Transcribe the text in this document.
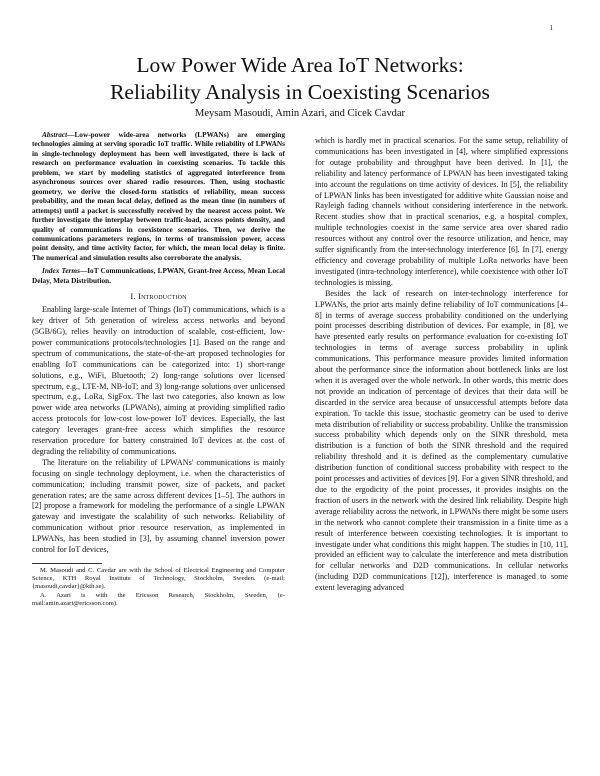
1
Low Power Wide Area IoT Networks:
Reliability Analysis in Coexisting Scenarios

Meysam Masoudi, Amin Azari, and Cicek Cavdar

Abstract—Low-power wide-area networks (LPWANs) are emerging technologies aiming at serving sporadic IoT traffic. While reliability of LPWANs in single-technology deployment has been well investigated, there is lack of research on performance evaluation in coexisting scenarios. To tackle this problem, we start by modeling statistics of aggregated interference from asynchronous sources over shared radio resources. Then, using stochastic geometry, we derive the closed-form statistics of reliability, mean success probability, and the mean local delay, defined as the mean time (in numbers of attempts) until a packet is successfully received by the nearest access point. We further investigate the interplay between traffic-load, access points density, and quality of communications in coexistence scenarios. Then, we derive the communications parameters regions, in terms of transmission power, access point density, and time activity factor, for which, the mean local delay is finite. The numerical and simulation results also corroborate the analysis.

Index Terms—IoT Communications, LPWAN, Grant-free Access, Mean Local Delay, Meta Distribution.

I. Introduction

Enabling large-scale Internet of Things (IoT) communications, which is a key driver of 5th generation of wireless access networks and beyond (5GB/6G), relies heavily on introduction of scalable, cost-efficient, low-power communications protocols/technologies [1]. Based on the range and spectrum of communications, the state-of-the-art proposed technologies for enabling IoT communications can be categorized into: 1) short-range solutions, e.g., WiFi, Bluetooth; 2) long-range solutions over licensed spectrum, e.g., LTE-M, NB-IoT; and 3) long-range solutions over unlicensed spectrum, e.g., LoRa, SigFox. The last two categories, also known as low power wide area networks (LPWANs), aiming at providing simplified radio access protocols for low-cost low-power IoT devices. Especially, the last category leverages grant-free access which simplifies the resource reservation procedure for battery constrained IoT devices at the cost of degrading the reliability of communications.

The literature on the reliability of LPWANs' communications is mainly focusing on single technology deployment, i.e. when the characteristics of communication; including transmit power, size of packets, and packet generation rates; are the same across different devices [1–5]. The authors in [2] propose a framework for modeling the performance of a single LPWAN gateway and investigate the scalability of such networks. Reliability of communication without prior resource reservation, as implemented in LPWANs, has been studied in [3], by assuming channel inversion power control for IoT devices,

M. Masoudi and C. Cavdar are with the School of Electrical Engineering and Computer Science, KTH Royal Institute of Technology, Stockholm, Sweden. (e-mail:{masoudi,cavdar}@kth.se).

A. Azari is with the Ericsson Research, Stockholm, Sweden, (e-mail:amin.azari@ericsson.com).

which is hardly met in practical scenarios. For the same setup, reliability of communications has been investigated in [4], where simplified expressions for outage probability and throughput have been derived. In [1], the reliability and latency performance of LPWAN has been investigated taking into account the regulations on time activity of devices. In [5], the reliability of LPWAN links has been investigated for additive white Gaussian noise and Rayleigh fading channels without considering interference in the network. Recent studies show that in practical scenarios, e.g. a hospital complex, multiple technologies coexist in the same service area over shared radio resources without any control over the resource utilization, and hence, may suffer significantly from the inter-technology interference [6]. In [7], energy efficiency and coverage probability of multiple LoRa networks have been investigated (intra-technology interference), while coexistence with other IoT technologies is missing.

Besides the lack of research on inter-technology interference for LPWANs, the prior arts mainly define reliability of IoT communications [4–8] in terms of average success probability conditioned on the underlying point processes describing distribution of devices. For example, in [8], we have presented early results on performance evaluation for co-existing IoT technologies in terms of average success probability in uplink communications. This performance measure provides limited information about the performance since the information about bottleneck links are lost when it is averaged over the whole network. In other words, this metric does not provide an indication of percentage of devices that their data will be discarded in the service area because of unsuccessful attempts before data expiration. To tackle this issue, stochastic geometry can be used to derive meta distribution of reliability or success probability. Unlike the transmission success probability which depends only on the SINR threshold, meta distribution is a function of both the SINR threshold and the required reliability threshold and it is defined as the complementary cumulative distribution function of conditional success probability with respect to the point processes and activities of devices [9]. For a given SINR threshold, and due to the ergodicity of the point processes, it provides insights on the fraction of users in the network with the desired link reliability. Despite high average reliability across the network, in LPWANs there might be some users in the network who cannot complete their transmission in a finite time as a result of interference between coexisting technologies. It is important to investigate under what conditions this might happen. The studies in [10, 11], provided an efficient way to calculate the interference and meta distribution for cellular networks and D2D communications. In cellular networks (including D2D communications [12]), interference is managed to some extent leveraging advanced
